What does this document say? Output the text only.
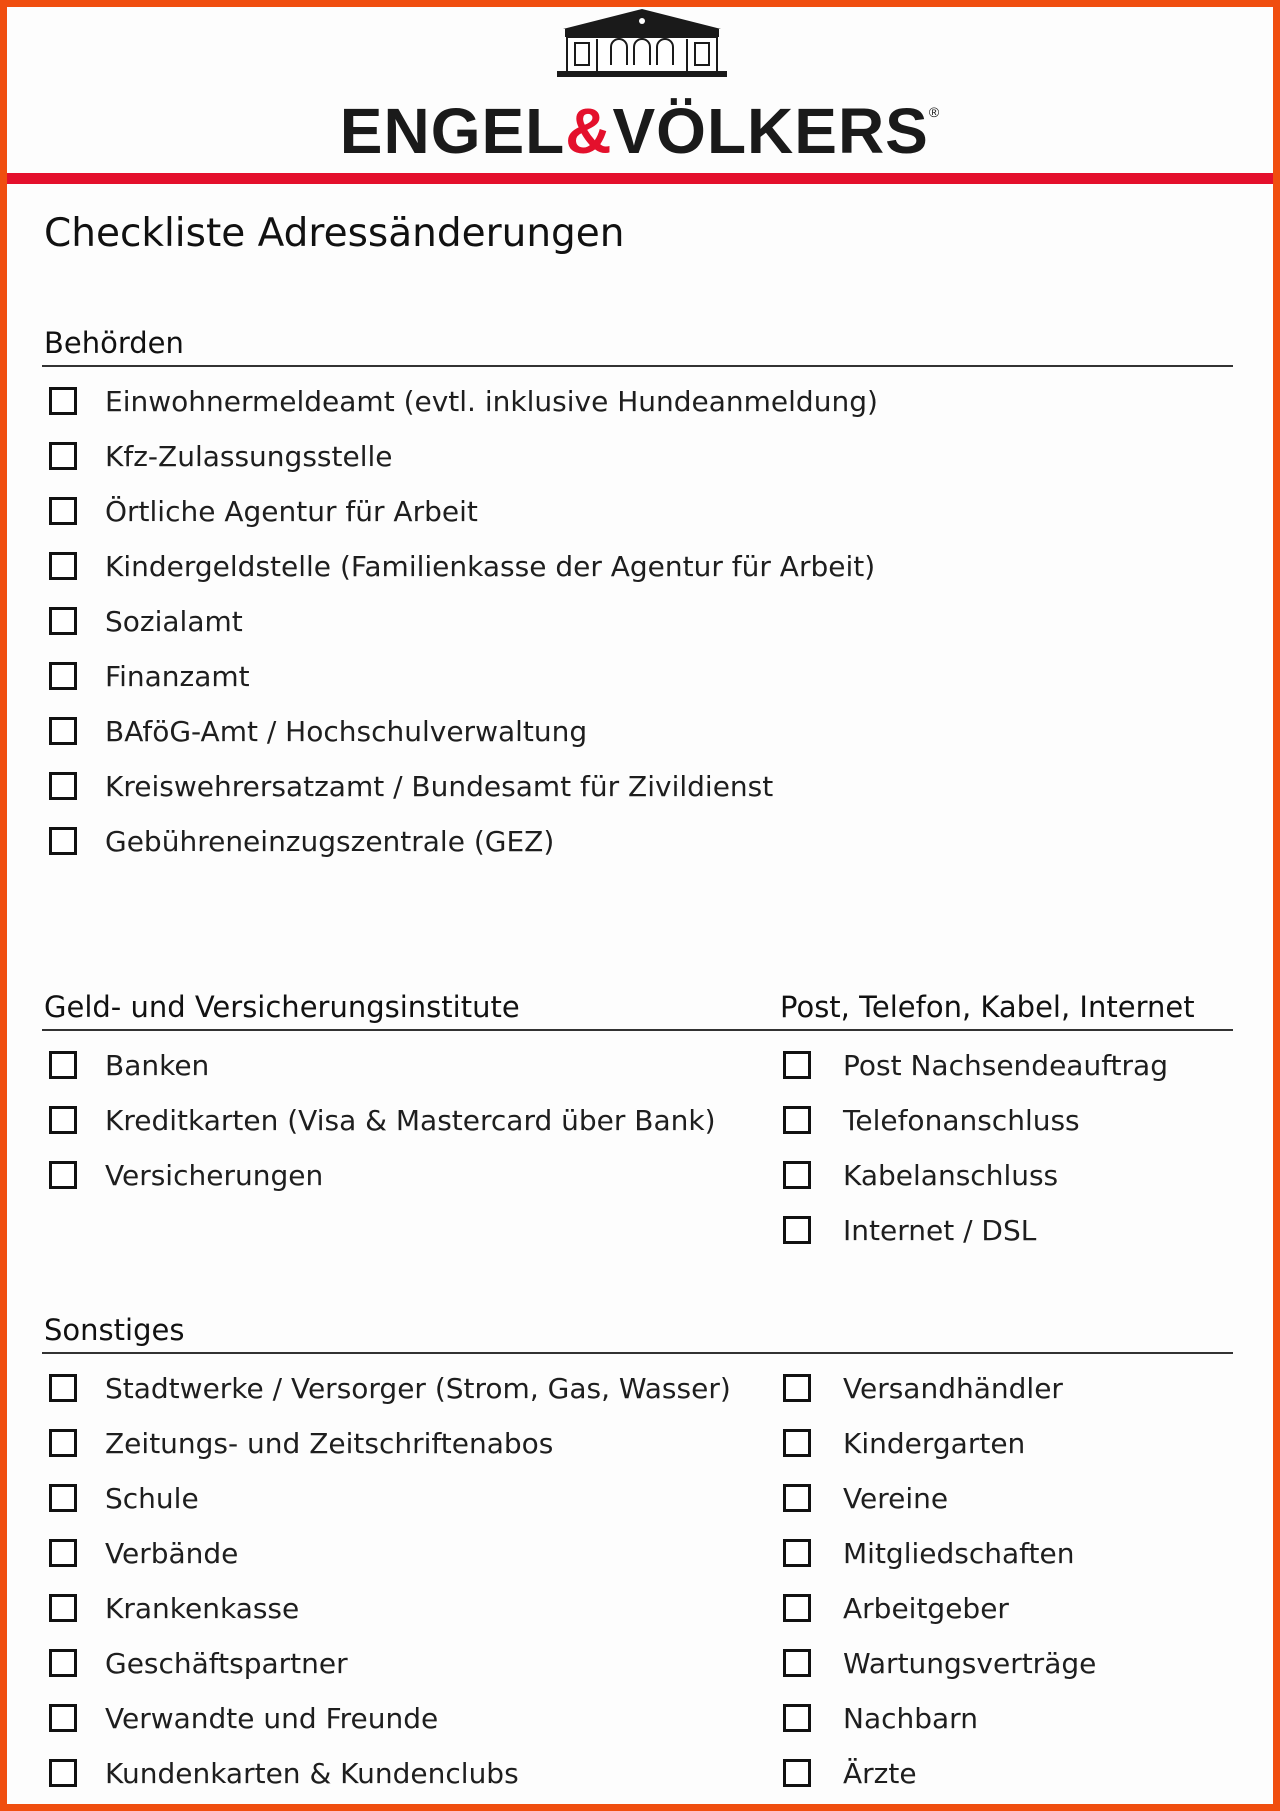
ENGEL&VÖLKERS®
Checkliste Adressänderungen
Behörden
Einwohnermeldeamt (evtl. inklusive Hundeanmeldung)
Kfz-Zulassungsstelle
Örtliche Agentur für Arbeit
Kindergeldstelle (Familienkasse der Agentur für Arbeit)
Sozialamt
Finanzamt
BAföG-Amt / Hochschulverwaltung
Kreiswehrersatzamt / Bundesamt für Zivildienst
Gebühreneinzugszentrale (GEZ)
Geld- und Versicherungsinstitute	Post, Telefon, Kabel, Internet
Banken
Kreditkarten (Visa & Mastercard über Bank)
Versicherungen
Post Nachsendeauftrag
Telefonanschluss
Kabelanschluss
Internet / DSL
Sonstiges
Stadtwerke / Versorger (Strom, Gas, Wasser)
Zeitungs- und Zeitschriftenabos
Schule
Verbände
Krankenkasse
Geschäftspartner
Verwandte und Freunde
Kundenkarten & Kundenclubs
Versandhändler
Kindergarten
Vereine
Mitgliedschaften
Arbeitgeber
Wartungsverträge
Nachbarn
Ärzte
